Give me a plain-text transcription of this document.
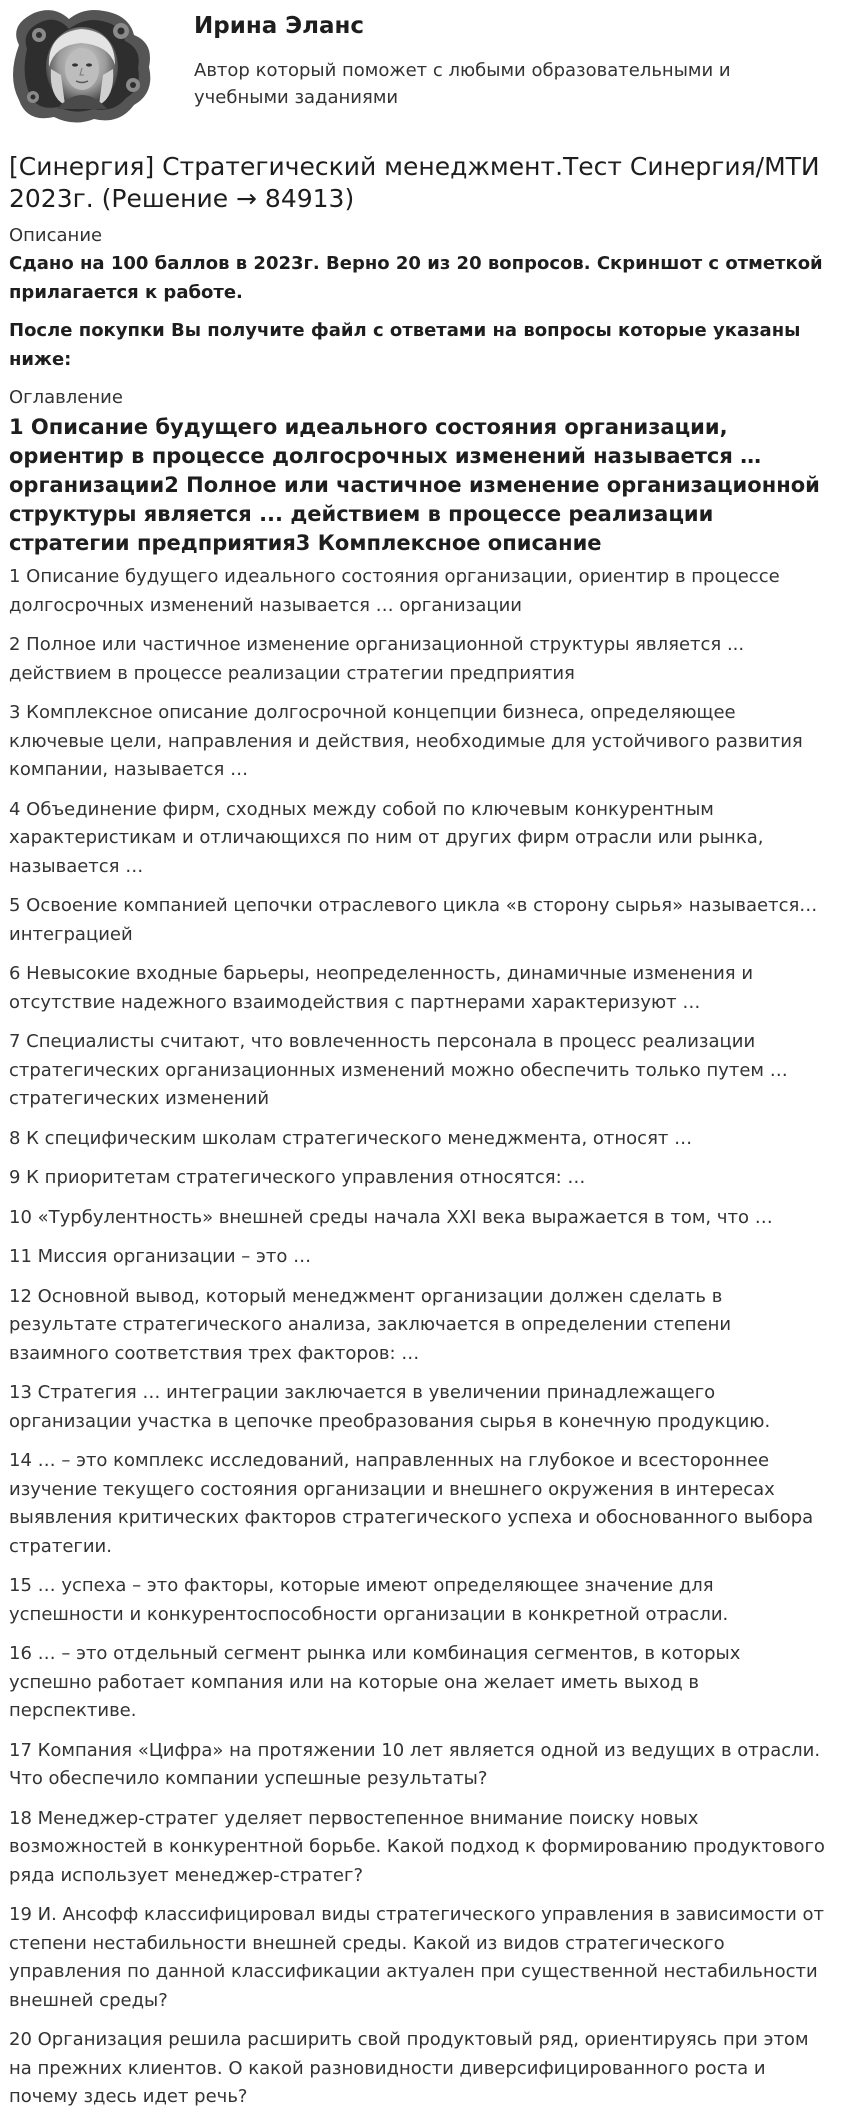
Ирина Эланс
Автор который поможет с любыми образовательными и учебными заданиями
[Синергия] Стратегический менеджмент.Тест Синергия/МТИ 2023г. (Решение → 84913)
Описание
Сдано на 100 баллов в 2023г. Верно 20 из 20 вопросов. Скриншот с отметкой прилагается к работе.
После покупки Вы получите файл с ответами на вопросы которые указаны ниже:
Оглавление
1 Описание будущего идеального состояния организации, ориентир в процессе долгосрочных изменений называется … организации2 Полное или частичное изменение организационной структуры является ... действием в процессе реализации стратегии предприятия3 Комплексное описание
1 Описание будущего идеального состояния организации, ориентир в процессе долгосрочных изменений называется … организации
2 Полное или частичное изменение организационной структуры является ... действием в процессе реализации стратегии предприятия
3 Комплексное описание долгосрочной концепции бизнеса, определяющее ключевые цели, направления и действия, необходимые для устойчивого развития компании, называется …
4 Объединение фирм, сходных между собой по ключевым конкурентным характеристикам и отличающихся по ним от других фирм отрасли или рынка, называется …
5 Освоение компанией цепочки отраслевого цикла «в сторону сырья» называется… интеграцией
6 Невысокие входные барьеры, неопределенность, динамичные изменения и отсутствие надежного взаимодействия с партнерами характеризуют …
7 Специалисты считают, что вовлеченность персонала в процесс реализации стратегических организационных изменений можно обеспечить только путем … стратегических изменений
8 К специфическим школам стратегического менеджмента, относят …
9 К приоритетам стратегического управления относятся: …
10 «Турбулентность» внешней среды начала XXI века выражается в том, что …
11 Миссия организации – это …
12 Основной вывод, который менеджмент организации должен сделать в результате стратегического анализа, заключается в определении степени взаимного соответствия трех факторов: …
13 Стратегия … интеграции заключается в увеличении принадлежащего организации участка в цепочке преобразования сырья в конечную продукцию.
14 … – это комплекс исследований, направленных на глубокое и всестороннее изучение текущего состояния организации и внешнего окружения в интересах выявления критических факторов стратегического успеха и обоснованного выбора стратегии.
15 … успеха – это факторы, которые имеют определяющее значение для успешности и конкурентоспособности организации в конкретной отрасли.
16 … – это отдельный сегмент рынка или комбинация сегментов, в которых успешно работает компания или на которые она желает иметь выход в перспективе.
17 Компания «Цифра» на протяжении 10 лет является одной из ведущих в отрасли. Что обеспечило компании успешные результаты?
18 Менеджер-стратег уделяет первостепенное внимание поиску новых возможностей в конкурентной борьбе. Какой подход к формированию продуктового ряда использует менеджер-стратег?
19 И. Ансофф классифицировал виды стратегического управления в зависимости от степени нестабильности внешней среды. Какой из видов стратегического управления по данной классификации актуален при существенной нестабильности внешней среды?
20 Организация решила расширить свой продуктовый ряд, ориентируясь при этом на прежних клиентов. О какой разновидности диверсифицированного роста и почему здесь идет речь?
